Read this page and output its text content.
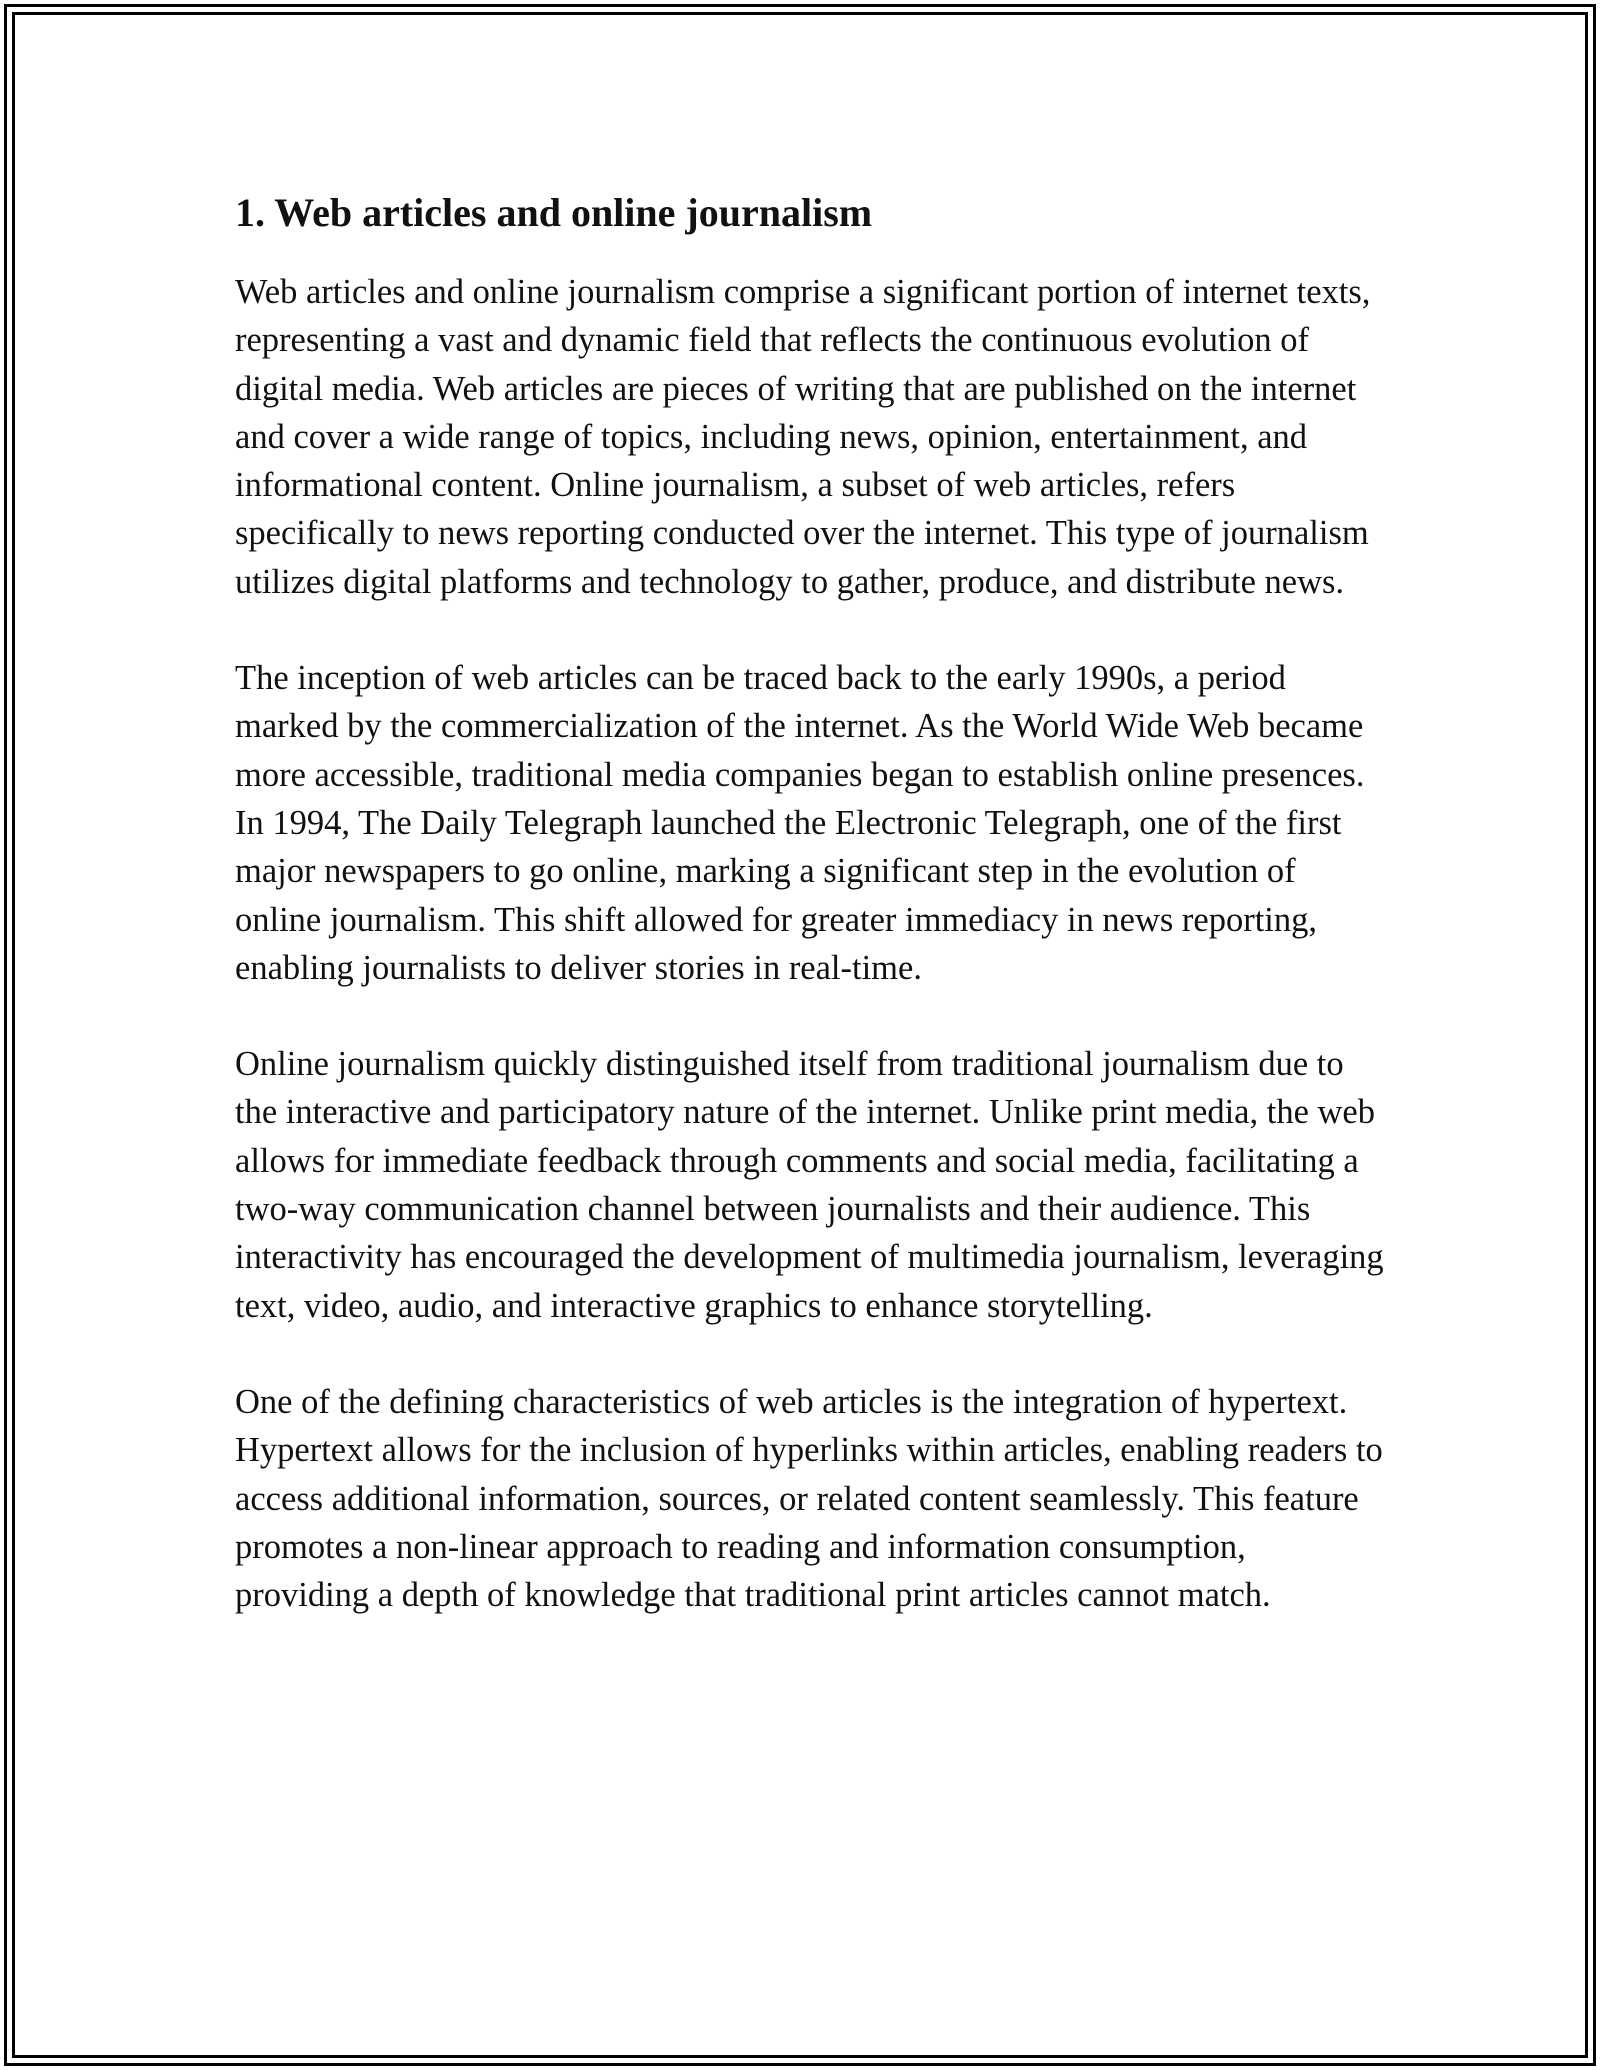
1. Web articles and online journalism

Web articles and online journalism comprise a significant portion of internet texts, representing a vast and dynamic field that reflects the continuous evolution of digital media. Web articles are pieces of writing that are published on the internet and cover a wide range of topics, including news, opinion, entertainment, and informational content. Online journalism, a subset of web articles, refers specifically to news reporting conducted over the internet. This type of journalism utilizes digital platforms and technology to gather, produce, and distribute news.

The inception of web articles can be traced back to the early 1990s, a period marked by the commercialization of the internet. As the World Wide Web became more accessible, traditional media companies began to establish online presences. In 1994, The Daily Telegraph launched the Electronic Telegraph, one of the first major newspapers to go online, marking a significant step in the evolution of online journalism. This shift allowed for greater immediacy in news reporting, enabling journalists to deliver stories in real-time.

Online journalism quickly distinguished itself from traditional journalism due to the interactive and participatory nature of the internet. Unlike print media, the web allows for immediate feedback through comments and social media, facilitating a two-way communication channel between journalists and their audience. This interactivity has encouraged the development of multimedia journalism, leveraging text, video, audio, and interactive graphics to enhance storytelling.

One of the defining characteristics of web articles is the integration of hypertext. Hypertext allows for the inclusion of hyperlinks within articles, enabling readers to access additional information, sources, or related content seamlessly. This feature promotes a non-linear approach to reading and information consumption, providing a depth of knowledge that traditional print articles cannot match.
